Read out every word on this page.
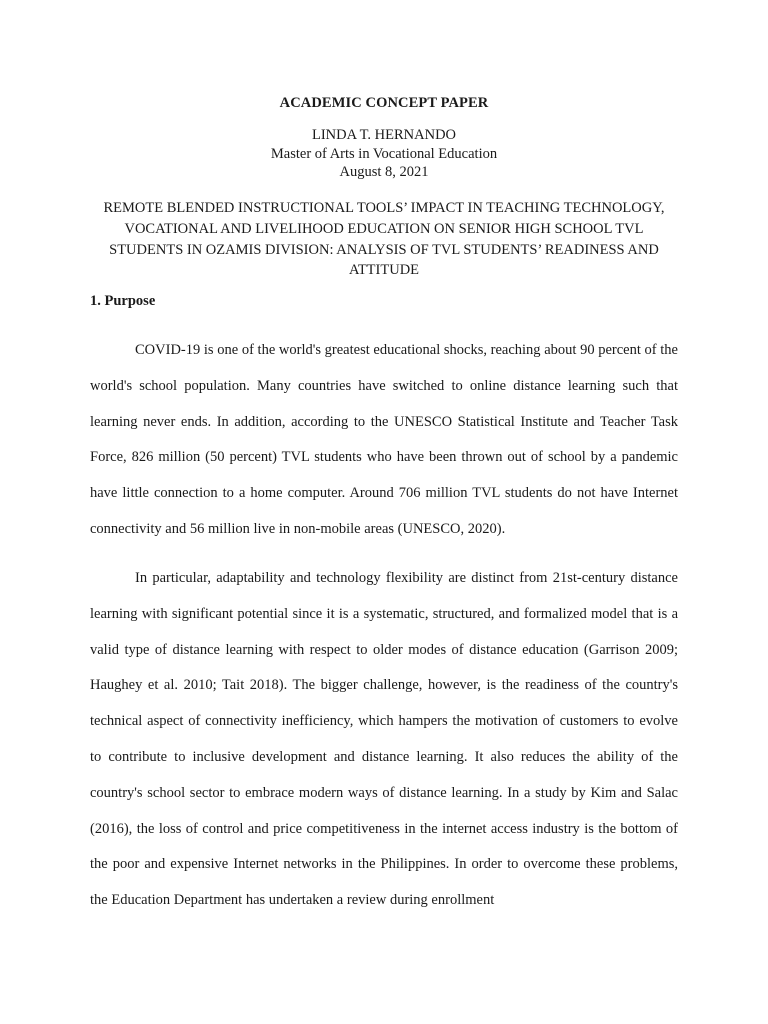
ACADEMIC CONCEPT PAPER
LINDA T. HERNANDO
Master of Arts in Vocational Education
August 8, 2021
REMOTE BLENDED INSTRUCTIONAL TOOLS’ IMPACT IN TEACHING TECHNOLOGY, VOCATIONAL AND LIVELIHOOD EDUCATION ON SENIOR HIGH SCHOOL TVL STUDENTS IN OZAMIS DIVISION: ANALYSIS OF TVL STUDENTS’ READINESS AND ATTITUDE
1. Purpose

COVID-19 is one of the world's greatest educational shocks, reaching about 90 percent of the world's school population. Many countries have switched to online distance learning such that learning never ends. In addition, according to the UNESCO Statistical Institute and Teacher Task Force, 826 million (50 percent) TVL students who have been thrown out of school by a pandemic have little connection to a home computer. Around 706 million TVL students do not have Internet connectivity and 56 million live in non-mobile areas (UNESCO, 2020).

In particular, adaptability and technology flexibility are distinct from 21st-century distance learning with significant potential since it is a systematic, structured, and formalized model that is a valid type of distance learning with respect to older modes of distance education (Garrison 2009; Haughey et al. 2010; Tait 2018). The bigger challenge, however, is the readiness of the country's technical aspect of connectivity inefficiency, which hampers the motivation of customers to evolve to contribute to inclusive development and distance learning. It also reduces the ability of the country's school sector to embrace modern ways of distance learning. In a study by Kim and Salac (2016), the loss of control and price competitiveness in the internet access industry is the bottom of the poor and expensive Internet networks in the Philippines. In order to overcome these problems, the Education Department has undertaken a review during enrollment
